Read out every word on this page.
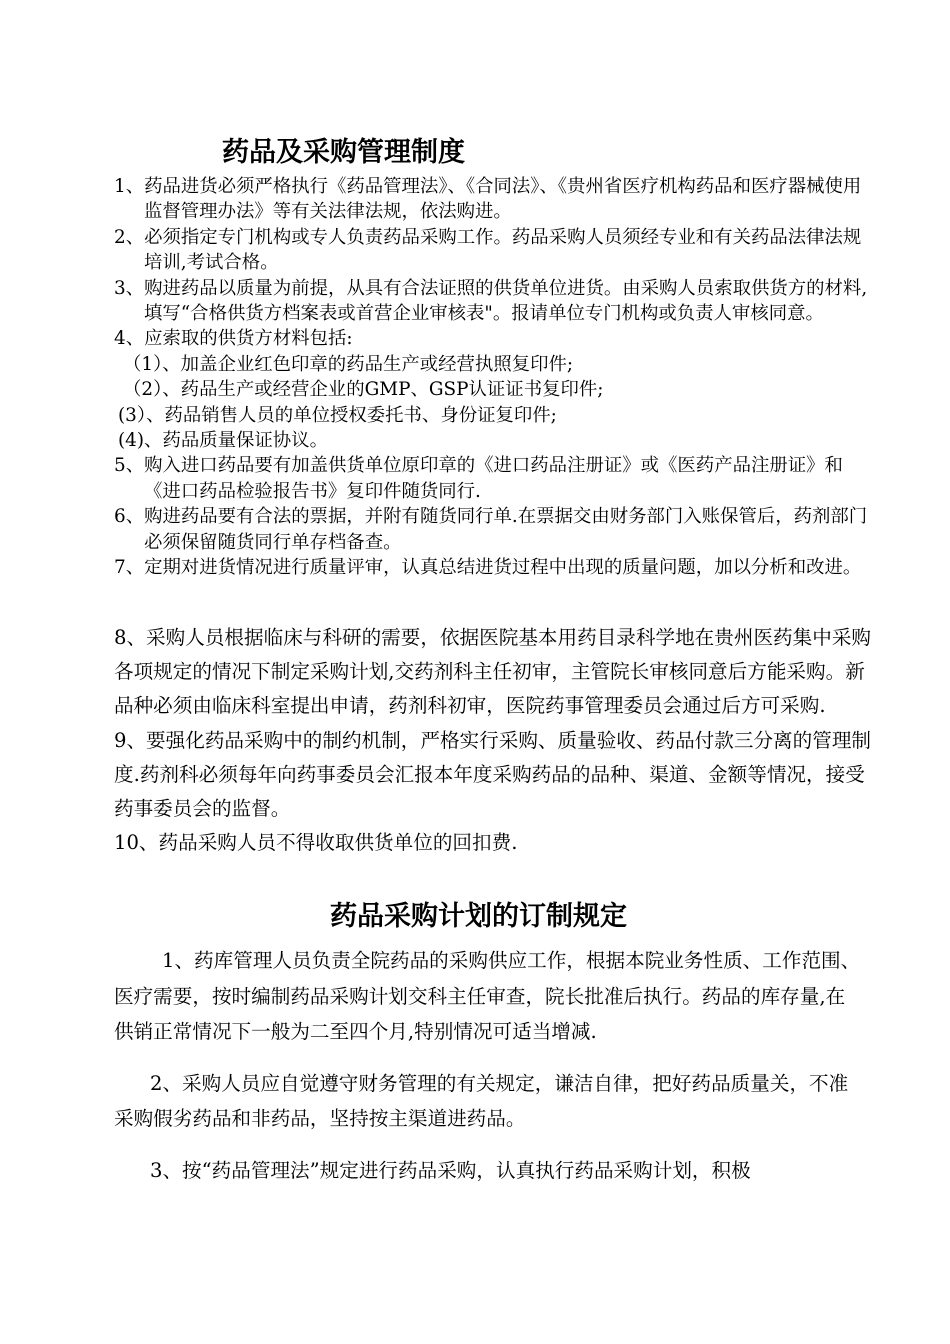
药品及采购管理制度
1、药品进货必须严格执行《药品管理法》、《合同法》、《贵州省医疗机构药品和医疗器械使用监督管理办法》等有关法律法规，依法购进。
2、必须指定专门机构或专人负责药品采购工作。药品采购人员须经专业和有关药品法律法规培训,考试合格。
3、购进药品以质量为前提，从具有合法证照的供货单位进货。由采购人员索取供货方的材料,填写“合格供货方档案表或首营企业审核表"。报请单位专门机构或负责人审核同意。
4、应索取的供货方材料包括:
（1）、加盖企业红色印章的药品生产或经营执照复印件;
（2）、药品生产或经营企业的GMP、GSP认证证书复印件;
(3）、药品销售人员的单位授权委托书、身份证复印件;
(4)、药品质量保证协议。
5、购入进口药品要有加盖供货单位原印章的《进口药品注册证》或《医药产品注册证》和《进口药品检验报告书》复印件随货同行.
6、购进药品要有合法的票据，并附有随货同行单.在票据交由财务部门入账保管后，药剂部门必须保留随货同行单存档备查。
7、定期对进货情况进行质量评审，认真总结进货过程中出现的质量问题，加以分析和改进。

8、采购人员根据临床与科研的需要，依据医院基本用药目录科学地在贵州医药集中采购各项规定的情况下制定采购计划,交药剂科主任初审，主管院长审核同意后方能采购。新品种必须由临床科室提出申请，药剂科初审，医院药事管理委员会通过后方可采购.

9、要强化药品采购中的制约机制，严格实行采购、质量验收、药品付款三分离的管理制度.药剂科必须每年向药事委员会汇报本年度采购药品的品种、渠道、金额等情况，接受药事委员会的监督。

10、药品采购人员不得收取供货单位的回扣费.

药品采购计划的订制规定

1、药库管理人员负责全院药品的采购供应工作，根据本院业务性质、工作范围、医疗需要，按时编制药品采购计划交科主任审查，院长批准后执行。药品的库存量,在供销正常情况下一般为二至四个月,特别情况可适当增减.

2、采购人员应自觉遵守财务管理的有关规定，谦洁自律，把好药品质量关，不准采购假劣药品和非药品，坚持按主渠道进药品。

3、按“药品管理法”规定进行药品采购，认真执行药品采购计划，积极
